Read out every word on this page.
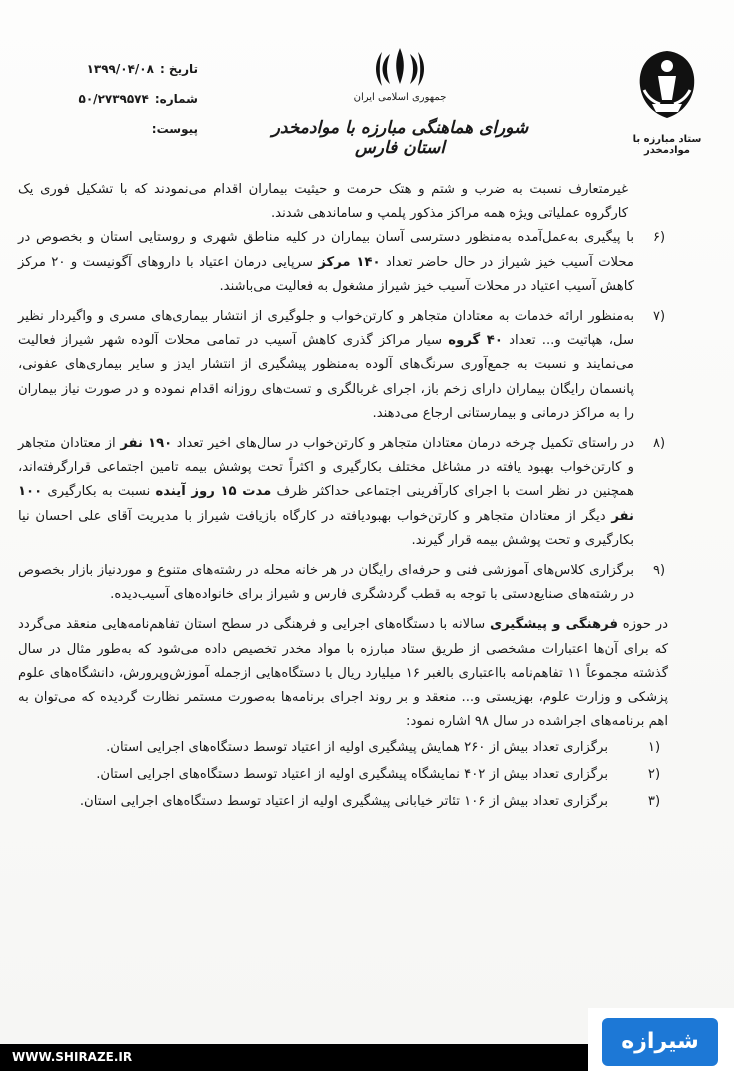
ستاد مبارزه با موادمخدر
جمهوری اسلامی ایران
شورای هماهنگی مبارزه با موادمخدر استان فارس
تاریخ :
۱۳۹۹/۰۴/۰۸
شماره:
۵۰/۲۷۳۹۵۷۴
پیوست:
غیرمتعارف نسبت به ضرب و شتم و هتک حرمت و حیثیت بیماران اقدام می‌نمودند که با تشکیل فوری یک کارگروه عملیاتی ویژه همه مراکز مذکور پلمپ و ساماندهی شدند.
(۶
با پیگیری به‌عمل‌آمده به‌منظور دسترسی آسان بیماران در کلیه مناطق شهری و روستایی استان و بخصوص در محلات آسیب خیز شیراز در حال حاضر تعداد ۱۴۰ مرکز سرپایی درمان اعتیاد با داروهای آگونیست و ۲۰ مرکز کاهش آسیب اعتیاد در محلات آسیب خیز شیراز مشغول به فعالیت می‌باشند.
(۷
به‌منظور ارائه خدمات به معتادان متجاهر و کارتن‌خواب و جلوگیری از انتشار بیماری‌های مسری و واگیردار نظیر سل، هپاتیت و... تعداد ۴۰ گروه سیار مراکز گذری کاهش آسیب در تمامی محلات آلوده شهر شیراز فعالیت می‌نمایند و نسبت به جمع‌آوری سرنگ‌های آلوده به‌منظور پیشگیری از انتشار ایدز و سایر بیماری‌های عفونی، پانسمان رایگان بیماران دارای زخم باز، اجرای غربالگری و تست‌های روزانه اقدام نموده و در صورت نیاز بیماران را به مراکز درمانی و بیمارستانی ارجاع می‌دهند.
(۸
در راستای تکمیل چرخه درمان معتادان متجاهر و کارتن‌خواب در سال‌های اخیر تعداد ۱۹۰ نفر از معتادان متجاهر و کارتن‌خواب بهبود یافته در مشاغل مختلف بکارگیری و اکثراً تحت پوشش بیمه تامین اجتماعی قرارگرفته‌اند، همچنین در نظر است با اجرای کارآفرینی اجتماعی حداکثر ظرف مدت ۱۵ روز آینده نسبت به بکارگیری ۱۰۰ نفر دیگر از معتادان متجاهر و کارتن‌خواب بهبودیافته در کارگاه بازیافت شیراز با مدیریت آقای علی احسان نیا بکارگیری و تحت پوشش بیمه قرار گیرند.
(۹
برگزاری کلاس‌های آموزشی فنی و حرفه‌ای رایگان در هر خانه محله در رشته‌های متنوع و موردنیاز بازار بخصوص در رشته‌های صنایع‌دستی با توجه به قطب گردشگری فارس و شیراز برای خانواده‌های آسیب‌دیده.
در حوزه فرهنگی و پیشگیری سالانه با دستگاه‌های اجرایی و فرهنگی در سطح استان تفاهم‌نامه‌هایی منعقد می‌گردد که برای آن‌ها اعتبارات مشخصی از طریق ستاد مبارزه با مواد مخدر تخصیص داده می‌شود که به‌طور مثال در سال گذشته مجموعاً ۱۱ تفاهم‌نامه بااعتباری بالغبر ۱۶ میلیارد ریال با دستگاه‌هایی ازجمله آموزش‌وپرورش، دانشگاه‌های علوم پزشکی و وزارت علوم، بهزیستی و... منعقد و بر روند اجرای برنامه‌ها به‌صورت مستمر نظارت گردیده که می‌توان به اهم برنامه‌های اجراشده در سال ۹۸ اشاره نمود:
(۱
برگزاری تعداد بیش از ۲۶۰ همایش پیشگیری اولیه از اعتیاد توسط دستگاه‌های اجرایی استان.
(۲
برگزاری تعداد بیش از ۴۰۲ نمایشگاه پیشگیری اولیه از اعتیاد توسط دستگاه‌های اجرایی استان.
(۳
برگزاری تعداد بیش از ۱۰۶ تئاتر خیابانی پیشگیری اولیه از اعتیاد توسط دستگاه‌های اجرایی استان.
WWW.SHIRAZE.IR
شیرازه
